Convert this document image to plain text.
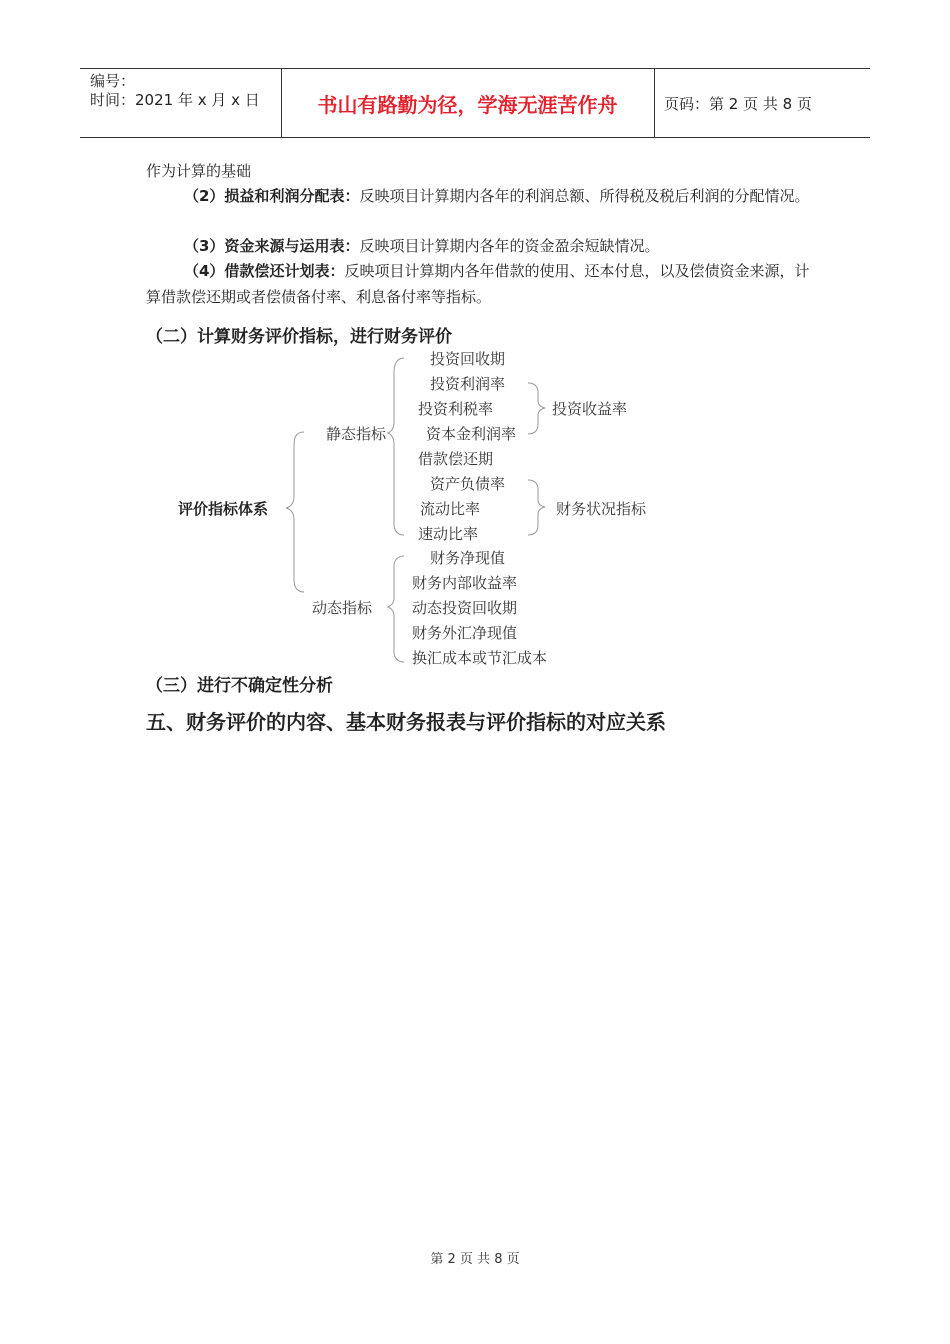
编号：
时间：2021 年 x 月 x 日	书山有路勤为径，学海无涯苦作舟	页码：第 2 页 共 8 页
作为计算的基础
（2）损益和利润分配表：反映项目计算期内各年的利润总额、所得税及税后利润的分配情况。
（3）资金来源与运用表：反映项目计算期内各年的资金盈余短缺情况。
（4）借款偿还计划表：反映项目计算期内各年借款的使用、还本付息，以及偿债资金来源，计算借款偿还期或者偿债备付率、利息备付率等指标。
（二）计算财务评价指标，进行财务评价
评价指标体系
静态指标
动态指标
投资回收期
投资利润率
投资利税率
资本金利润率
借款偿还期
资产负债率
流动比率
速动比率
投资收益率
财务状况指标
财务净现值
财务内部收益率
动态投资回收期
财务外汇净现值
换汇成本或节汇成本
（三）进行不确定性分析
五、财务评价的内容、基本财务报表与评价指标的对应关系
第 2 页 共 8 页
